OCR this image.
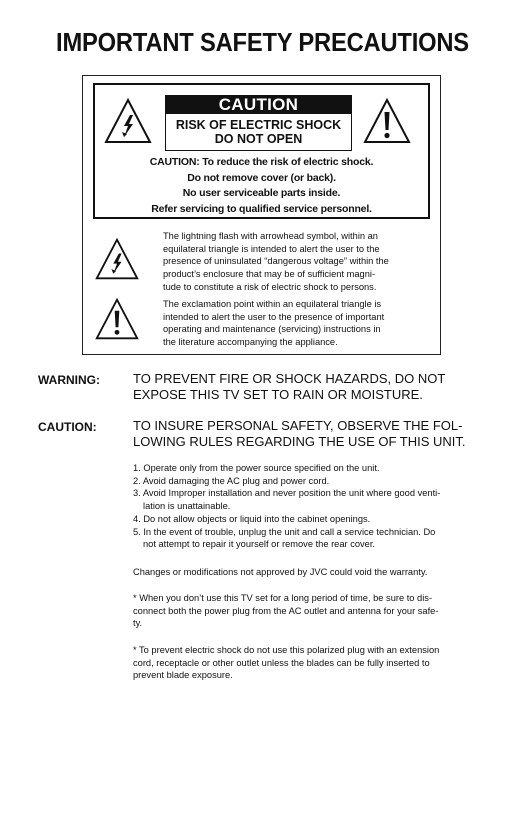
IMPORTANT SAFETY PRECAUTIONS
CAUTION
RISK OF ELECTRIC SHOCK
DO NOT OPEN
CAUTION: To reduce the risk of electric shock.
Do not remove cover (or back).
No user serviceable parts inside.
Refer servicing to qualified service personnel.
The lightning flash with arrowhead symbol, within an
equilateral triangle is intended to alert the user to the
presence of uninsulated “dangerous voltage” within the
product’s enclosure that may be of sufficient magni-
tude to constitute a risk of electric shock to persons.
The exclamation point within an equilateral triangle is
intended to alert the user to the presence of important
operating and maintenance (servicing) instructions in
the literature accompanying the appliance.
WARNING:	TO PREVENT FIRE OR SHOCK HAZARDS, DO NOT
EXPOSE THIS TV SET TO RAIN OR MOISTURE.
CAUTION:	TO INSURE PERSONAL SAFETY, OBSERVE THE FOL-
LOWING RULES REGARDING THE USE OF THIS UNIT.
1. Operate only from the power source specified on the unit.
2. Avoid damaging the AC plug and power cord.
3. Avoid Improper installation and never position the unit where good venti-
lation is unattainable.
4. Do not allow objects or liquid into the cabinet openings.
5. In the event of trouble, unplug the unit and call a service technician. Do
not attempt to repair it yourself or remove the rear cover.
Changes or modifications not approved by JVC could void the warranty.
* When you don’t use this TV set for a long period of time, be sure to dis-
connect both the power plug from the AC outlet and antenna for your safe-
ty.
* To prevent electric shock do not use this polarized plug with an extension
cord, receptacle or other outlet unless the blades can be fully inserted to
prevent blade exposure.
